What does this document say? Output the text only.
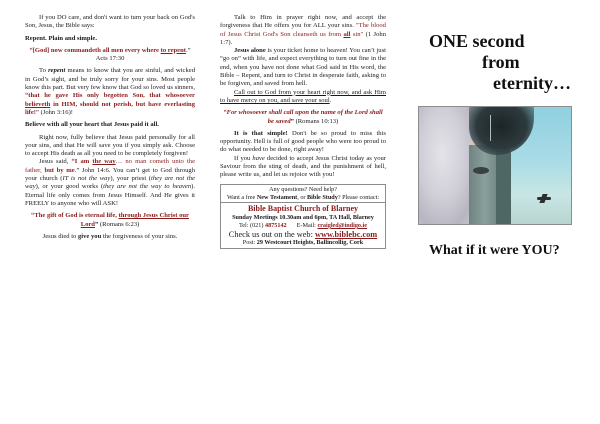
If you DO care, and don't want to turn your back on God's Son, Jesus, the Bible says:

Repent. Plain and simple.

“[God] now commandeth all men every where to repent.” Acts 17:30

To repent means to know that you are sinful, and wicked in God’s sight, and be truly sorry for your sins. Most people know this part. But very few know that God so loved us sinners, “that he gave His only begotten Son, that whosoever believeth in HIM, should not perish, but have everlasting life!” (John 3:16)!

Believe with all your heart that Jesus paid it all.

Right now, fully believe that Jesus paid personally for all your sins, and that He will save you if you simply ask. Choose to accept His death as all you need to be completely forgiven!

Jesus said, “I am the way… no man cometh unto the father, but by me.” John 14:6. You can’t get to God through your church (IT is not the way), your priest (they are not the way), or your good works (they are not the way to heaven). Eternal life only comes from Jesus Himself. And He gives it FREELY to anyone who will ASK!

“The gift of God is eternal life, through Jesus Christ our Lord” (Romans 6:23)

Jesus died to give you the forgiveness of your sins.

Talk to Him in prayer right now, and accept the forgiveness that He offers you for ALL your sins. "The blood of Jesus Christ God's Son cleanseth us from all sin" (1 John 1:7).

Jesus alone is your ticket home to heaven! You can’t just “go on” with life, and expect everything to turn out fine in the end, when you have not done what God said in His word, the Bible – Repent, and turn to Christ in desperate faith, asking to be forgiven, and saved from hell.

Call out to God from your heart right now, and ask Him to have mercy on you, and save your soul.

“For whosoever shall call upon the name of the Lord shall be saved” (Romans 10:13)

It is that simple! Don't be so proud to miss this opportunity. Hell is full of good people who were too proud to do what needed to be done, right away!

If you have decided to accept Jesus Christ today as your Saviour from the sting of death, and the punishment of hell, please write us, and let us rejoice with you!

Any questions? Need help?
Want a free New Testament, or Bible Study? Please contact:
Bible Baptist Church of Blarney
Sunday Meetings 10.30am and 6pm, TA Hall, Blarney
Tel: (021) 4875142 E-Mail: craigled@indigo.ie
Check us out on the web: www.biblebc.com
Post: 29 Westcourt Heights, Ballincollig, Cork
ONE second
from
eternity…
What if it were YOU?
